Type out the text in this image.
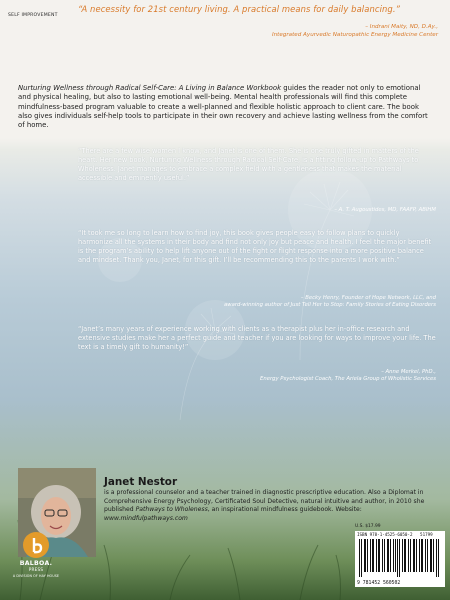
SELF IMPROVEMENT
“A necessity for 21st century living. A practical means for daily balancing.”
– Indrani Maity, ND, D.Ay.,
Integrated Ayurvedic Naturopathic Energy Medicine Center
Nurturing Wellness through Radical Self-Care: A Living in Balance Workbook guides the reader not only to emotional and physical healing, but also to lasting emotional well-being. Mental health professionals will find this complete mindfulness-based program valuable to create a well-planned and flexible holistic approach to client care. The book also gives individuals self-help tools to participate in their own recovery and achieve lasting wellness from the comfort of home.
“There are a few wise women I know, and Janet is one of them. She is one truly gifted in matters of the heart. Her new book, Nurturing Wellness through Radical Self-Care, is a fitting follow-up to Pathways to Wholeness. Janet manages to embrace a complex field with a gentleness that makes the material accessible and eminently useful.”
– A. T. Augoustides, MD, FAAFP, ABIHM
“It took me so long to learn how to find joy, this book gives people easy to follow plans to quickly harmonize all the systems in their body and find not only joy but peace and health. I feel the major benefit is the program’s ability to help lift anyone out of the fight or flight response into a more positive balance and mindset. Thank you, Janet, for this gift. I’ll be recommending this to the parents I work with.”
– Becky Henry, Founder of Hope Network, LLC, and
award-winning author of Just Tell Her to Stop: Family Stories of Eating Disorders
“Janet’s many years of experience working with clients as a therapist plus her in-office research and extensive studies make her a perfect guide and teacher if you are looking for ways to improve your life. The text is a timely gift to humanity!”
– Anne Merkel, PhD.,
Energy Psychologist Coach, The Ariela Group of Wholistic Services
Janet Nestor
is a professional counselor and a teacher trained in diagnostic prescriptive education. Also a Diplomat in Comprehensive Energy Psychology, Certificated Soul Detective, natural intuitive and author, in 2010 she published Pathways to Wholeness, an inspirational mindfulness guidebook. Website: www.mindfulpathways.com
BALBOA.
PRESS
A DIVISION OF HAY HOUSE
U.S. $17.99
ISBN 978-1-4525-6050-2 51799
9 781452 560502
